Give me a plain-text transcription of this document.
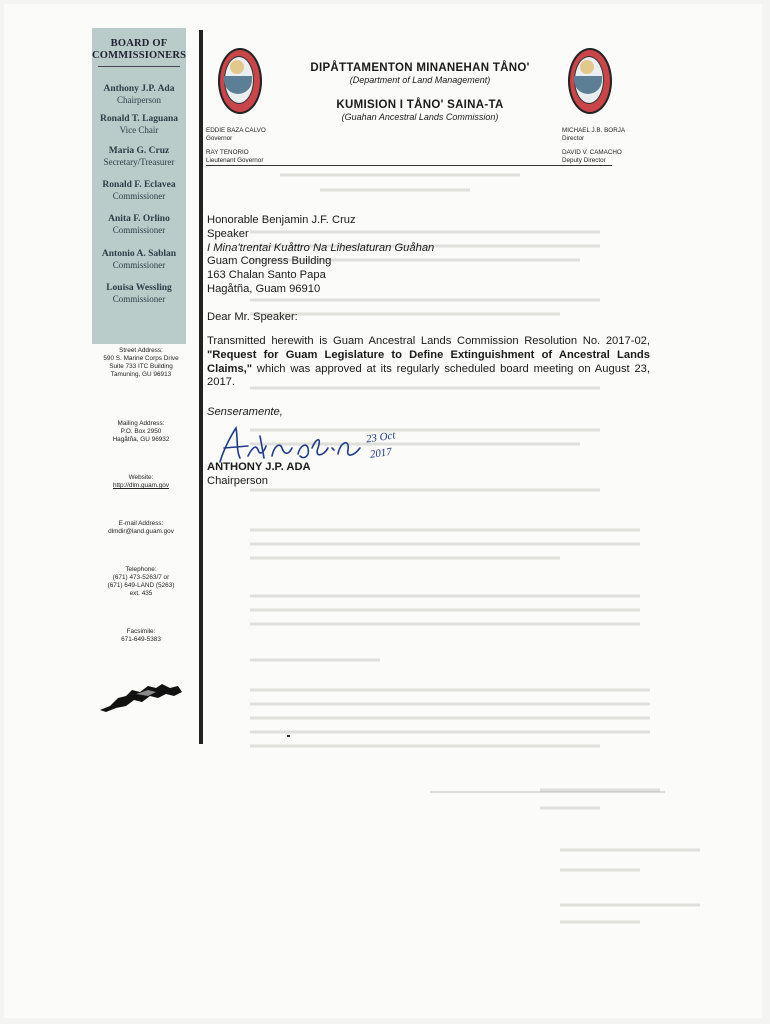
BOARD OF
COMMISSIONERS
Anthony J.P. Ada
Chairperson
Ronald T. Laguana
Vice Chair
Maria G. Cruz
Secretary/Treasurer
Ronald F. Eclavea
Commissioner
Anita F. Orlino
Commissioner
Antonio A. Sablan
Commissioner
Louisa Wessling
Commissioner
Street Address:
590 S. Marine Corps Drive
Suite 733 ITC Building
Tamuning, GU 96913
Mailing Address:
P.O. Box 2950
Hagåtña, GU 96932
Website:
http://dlm.guam.gov
E-mail Address:
dlmdir@land.guam.gov
Telephone:
(671) 473-5263/7 or
(671) 649-LAND (5263)
ext. 435
Facsimile:
671-649-5383
DIPÅTTAMENTON MINANEHAN TÅNO'
(Department of Land Management)
KUMISION I TÅNO' SAINA-TA
(Guahan Ancestral Lands Commission)
EDDIE BAZA CALVO
Governor
RAY TENORIO
Lieutenant Governor
MICHAEL J.B. BORJA
Director
DAVID V. CAMACHO
Deputy Director
Honorable Benjamin J.F. Cruz
Speaker
I Mina'trentai Kuåttro Na Liheslaturan Guåhan
Guam Congress Building
163 Chalan Santo Papa
Hagåtña, Guam 96910
Dear Mr. Speaker:
Transmitted herewith is Guam Ancestral Lands Commission Resolution No. 2017-02, "Request for Guam Legislature to Define Extinguishment of Ancestral Lands Claims," which was approved at its regularly scheduled board meeting on August 23, 2017.
Senseramente,
23 Oct
2017
ANTHONY J.P. ADA
Chairperson
